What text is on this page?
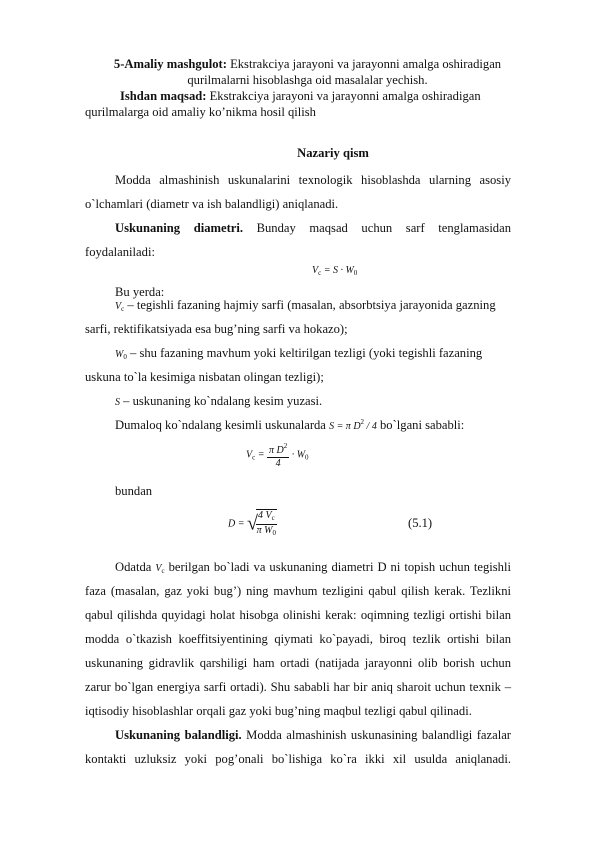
5-Amaliy mashgulot: Ekstrakciya jarayoni va jarayonni amalga oshiradigan
qurilmalarni hisoblashga oid masalalar yechish.
Ishdan maqsad: Ekstrakciya jarayoni va jarayonni amalga oshiradigan
qurilmalarga oid amaliy ko’nikma hosil qilish
Nazariy qism
Modda almashinish uskunalarini texnologik hisoblashda ularning asosiy
o`lchamlari (diametr va ish balandligi) aniqlanadi.
Uskunaning diametri. Bunday maqsad uchun sarf tenglamasidan
foydalaniladi:
$V_c = S \cdot W_0$
Bu yerda:
$V_c$ – tegishli fazaning hajmiy sarfi (masalan, absorbtsiya jarayonida gazning
sarfi, rektifikatsiyada esa bug’ning sarfi va hokazo);
$W_0$ – shu fazaning mavhum yoki keltirilgan tezligi (yoki tegishli fazaning
uskuna to`la kesimiga nisbatan olingan tezligi);
S – uskunaning ko`ndalang kesim yuzasi.
Dumaloq ko`ndalang kesimli uskunalarda S = π $D^2 / 4$ bo`lgani sababli:
$V_c = \frac{\pi D^2}{4} \cdot W_0$
bundan
D = √
$\frac{4 V_c}{\pi W_0}$	(5.1)
Odatda $V_c$ berilgan bo`ladi va uskunaning diametri D ni topish uchun tegishli
faza (masalan, gaz yoki bug’) ning mavhum tezligini qabul qilish kerak. Tezlikni
qabul qilishda quyidagi holat hisobga olinishi kerak: oqimning tezligi ortishi bilan
modda o`tkazish koeffitsiyentining qiymati ko`payadi, biroq tezlik ortishi bilan
uskunaning gidravlik qarshiligi ham ortadi (natijada jarayonni olib borish uchun
zarur bo`lgan energiya sarfi ortadi). Shu sababli har bir aniq sharoit uchun texnik –
iqtisodiy hisoblashlar orqali gaz yoki bug’ning maqbul tezligi qabul qilinadi.
Uskunaning balandligi. Modda almashinish uskunasining balandligi fazalar
kontakti uzluksiz yoki pog’onali bo`lishiga ko`ra ikki xil usulda aniqlanadi.
